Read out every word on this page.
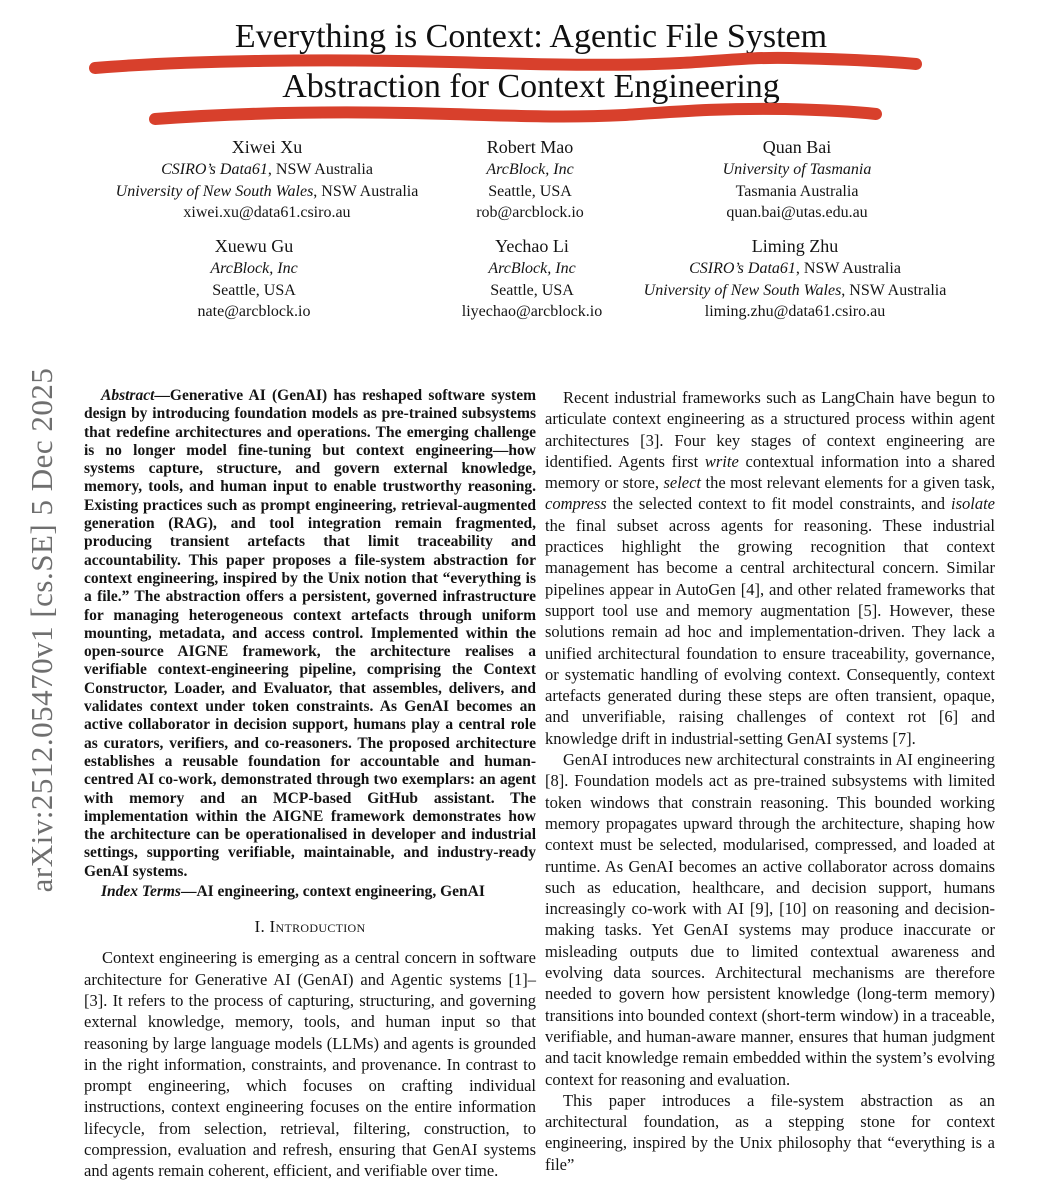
arXiv:2512.05470v1 [cs.SE] 5 Dec 2025
Everything is Context: Agentic File System
Abstraction for Context Engineering
Xiwei Xu
CSIRO’s Data61, NSW Australia
University of New South Wales, NSW Australia
xiwei.xu@data61.csiro.au
Robert Mao
ArcBlock, Inc
Seattle, USA
rob@arcblock.io
Quan Bai
University of Tasmania
Tasmania Australia
quan.bai@utas.edu.au
Xuewu Gu
ArcBlock, Inc
Seattle, USA
nate@arcblock.io
Yechao Li
ArcBlock, Inc
Seattle, USA
liyechao@arcblock.io
Liming Zhu
CSIRO’s Data61, NSW Australia
University of New South Wales, NSW Australia
liming.zhu@data61.csiro.au

Abstract—Generative AI (GenAI) has reshaped software system design by introducing foundation models as pre-trained subsystems that redefine architectures and operations. The emerging challenge is no longer model fine-tuning but context engineering—how systems capture, structure, and govern external knowledge, memory, tools, and human input to enable trustworthy reasoning. Existing practices such as prompt engineering, retrieval-augmented generation (RAG), and tool integration remain fragmented, producing transient artefacts that limit traceability and accountability. This paper proposes a file-system abstraction for context engineering, inspired by the Unix notion that “everything is a file.” The abstraction offers a persistent, governed infrastructure for managing heterogeneous context artefacts through uniform mounting, metadata, and access control. Implemented within the open-source AIGNE framework, the architecture realises a verifiable context-engineering pipeline, comprising the Context Constructor, Loader, and Evaluator, that assembles, delivers, and validates context under token constraints. As GenAI becomes an active collaborator in decision support, humans play a central role as curators, verifiers, and co-reasoners. The proposed architecture establishes a reusable foundation for accountable and human-centred AI co-work, demonstrated through two exemplars: an agent with memory and an MCP-based GitHub assistant. The implementation within the AIGNE framework demonstrates how the architecture can be operationalised in developer and industrial settings, supporting verifiable, maintainable, and industry-ready GenAI systems.

Index Terms—AI engineering, context engineering, GenAI

I. Introduction

Context engineering is emerging as a central concern in software architecture for Generative AI (GenAI) and Agentic systems [1]–[3]. It refers to the process of capturing, structuring, and governing external knowledge, memory, tools, and human input so that reasoning by large language models (LLMs) and agents is grounded in the right information, constraints, and provenance. In contrast to prompt engineering, which focuses on crafting individual instructions, context engineering focuses on the entire information lifecycle, from selection, retrieval, filtering, construction, to compression, evaluation and refresh, ensuring that GenAI systems and agents remain coherent, efficient, and verifiable over time.

Recent industrial frameworks such as LangChain have begun to articulate context engineering as a structured process within agent architectures [3]. Four key stages of context engineering are identified. Agents first write contextual information into a shared memory or store, select the most relevant elements for a given task, compress the selected context to fit model constraints, and isolate the final subset across agents for reasoning. These industrial practices highlight the growing recognition that context management has become a central architectural concern. Similar pipelines appear in AutoGen [4], and other related frameworks that support tool use and memory augmentation [5]. However, these solutions remain ad hoc and implementation-driven. They lack a unified architectural foundation to ensure traceability, governance, or systematic handling of evolving context. Consequently, context artefacts generated during these steps are often transient, opaque, and unverifiable, raising challenges of context rot [6] and knowledge drift in industrial-setting GenAI systems [7].

GenAI introduces new architectural constraints in AI engineering [8]. Foundation models act as pre-trained subsystems with limited token windows that constrain reasoning. This bounded working memory propagates upward through the architecture, shaping how context must be selected, modularised, compressed, and loaded at runtime. As GenAI becomes an active collaborator across domains such as education, healthcare, and decision support, humans increasingly co-work with AI [9], [10] on reasoning and decision-making tasks. Yet GenAI systems may produce inaccurate or misleading outputs due to limited contextual awareness and evolving data sources. Architectural mechanisms are therefore needed to govern how persistent knowledge (long-term memory) transitions into bounded context (short-term window) in a traceable, verifiable, and human-aware manner, ensures that human judgment and tacit knowledge remain embedded within the system’s evolving context for reasoning and evaluation.

This paper introduces a file-system abstraction as an architectural foundation, as a stepping stone for context engineering, inspired by the Unix philosophy that “everything is a file”
